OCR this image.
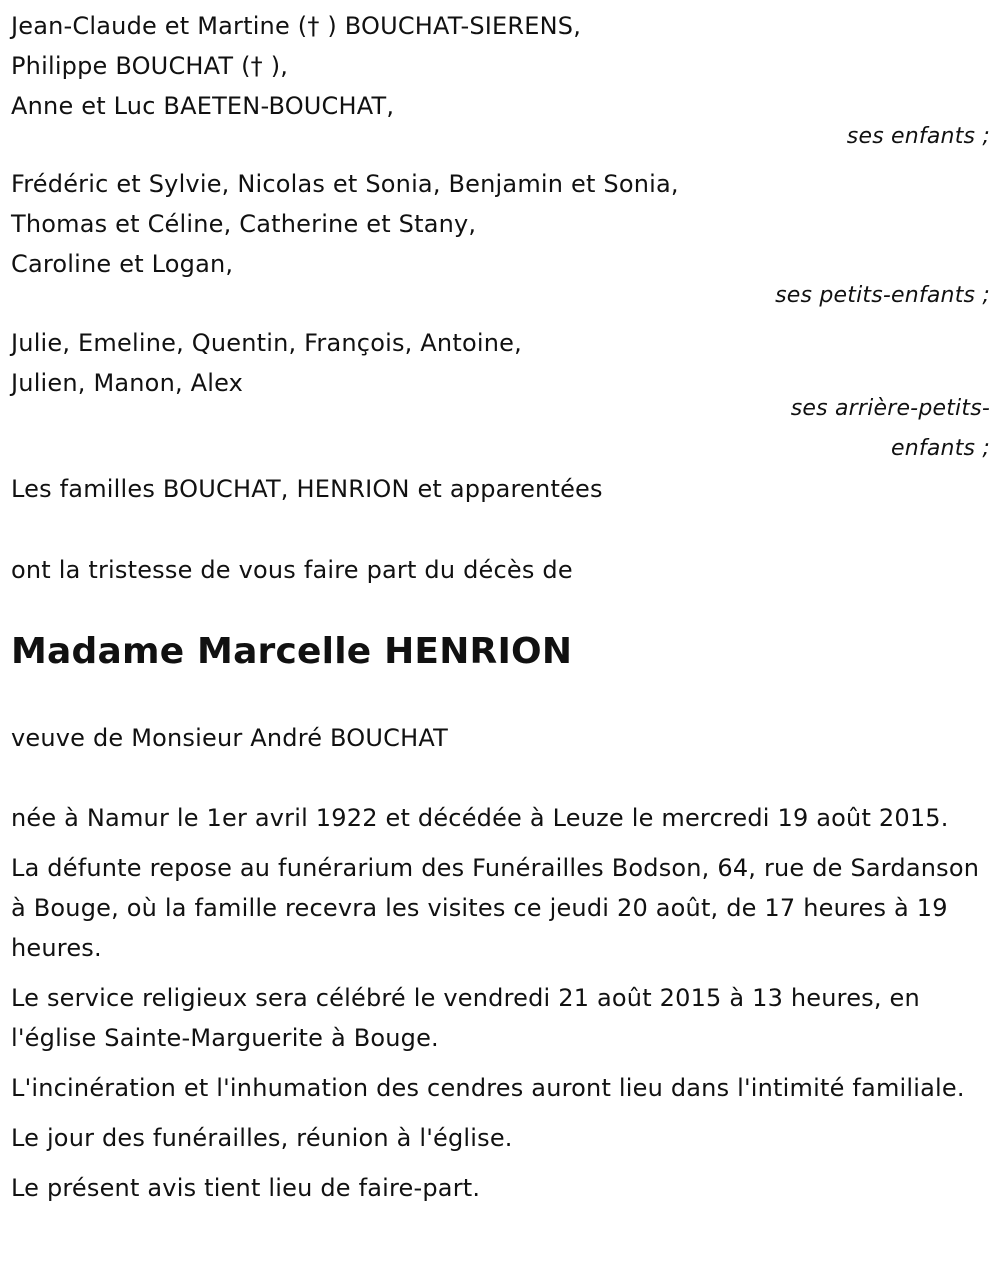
Jean-Claude et Martine († ) BOUCHAT-SIERENS,
Philippe BOUCHAT († ),
Anne et Luc BAETEN-BOUCHAT,
ses enfants ;
Frédéric et Sylvie, Nicolas et Sonia, Benjamin et Sonia,
Thomas et Céline, Catherine et Stany,
Caroline et Logan,
ses petits-enfants ;
Julie, Emeline, Quentin, François, Antoine,
Julien, Manon, Alex
ses arrière-petits-
enfants ;
Les familles BOUCHAT, HENRION et apparentées
ont la tristesse de vous faire part du décès de
Madame Marcelle HENRION
veuve de Monsieur André BOUCHAT
née à Namur le 1er avril 1922 et décédée à Leuze le mercredi 19 août 2015.
La défunte repose au funérarium des Funérailles Bodson, 64, rue de Sardanson à Bouge, où la famille recevra les visites ce jeudi 20 août, de 17 heures à 19 heures.
Le service religieux sera célébré le vendredi 21 août 2015 à 13 heures, en l'église Sainte-Marguerite à Bouge.
L'incinération et l'inhumation des cendres auront lieu dans l'intimité familiale.
Le jour des funérailles, réunion à l'église.
Le présent avis tient lieu de faire-part.
